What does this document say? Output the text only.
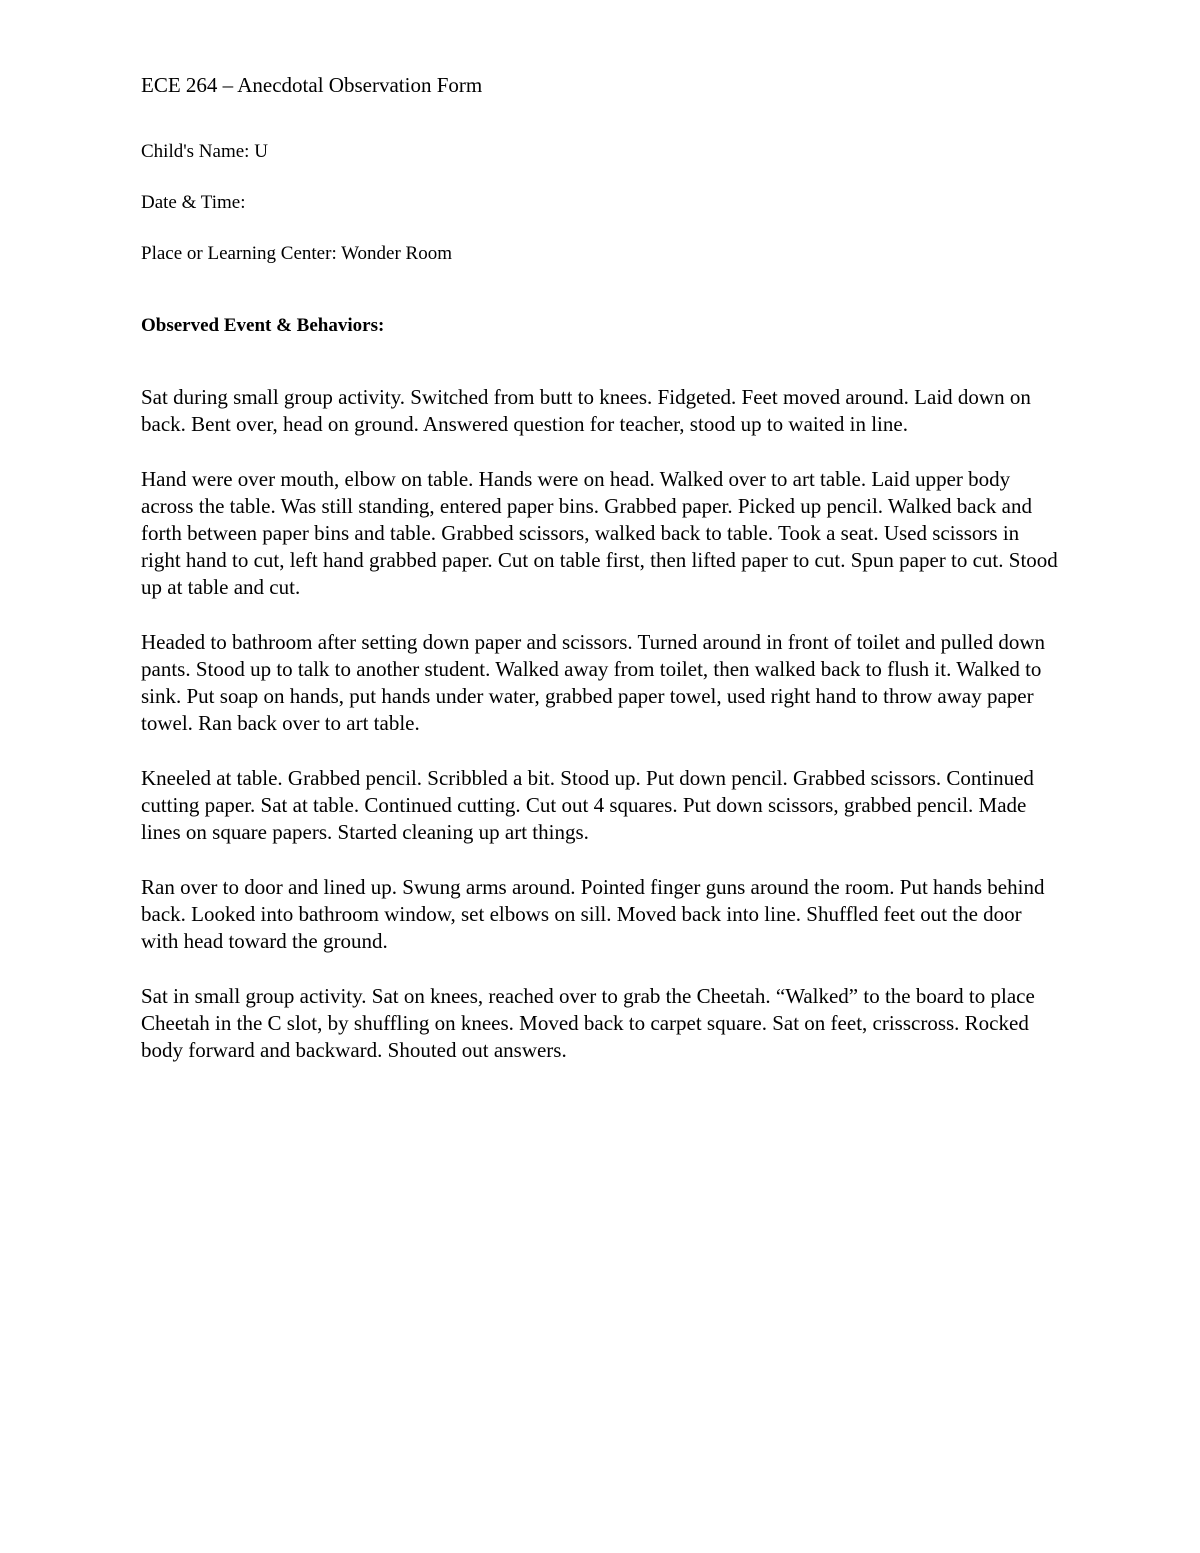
ECE 264 – Anecdotal Observation Form
Child's Name: U
Date & Time:
Place or Learning Center: Wonder Room
Observed Event & Behaviors:

Sat during small group activity. Switched from butt to knees. Fidgeted. Feet moved around. Laid down on back. Bent over, head on ground. Answered question for teacher, stood up to waited in line.

Hand were over mouth, elbow on table. Hands were on head. Walked over to art table. Laid upper body across the table. Was still standing, entered paper bins. Grabbed paper. Picked up pencil. Walked back and forth between paper bins and table. Grabbed scissors, walked back to table. Took a seat. Used scissors in right hand to cut, left hand grabbed paper. Cut on table first, then lifted paper to cut. Spun paper to cut. Stood up at table and cut.

Headed to bathroom after setting down paper and scissors. Turned around in front of toilet and pulled down pants. Stood up to talk to another student. Walked away from toilet, then walked back to flush it. Walked to sink. Put soap on hands, put hands under water, grabbed paper towel, used right hand to throw away paper towel. Ran back over to art table.

Kneeled at table. Grabbed pencil. Scribbled a bit. Stood up. Put down pencil. Grabbed scissors. Continued cutting paper. Sat at table. Continued cutting. Cut out 4 squares. Put down scissors, grabbed pencil. Made lines on square papers. Started cleaning up art things.

Ran over to door and lined up. Swung arms around. Pointed finger guns around the room. Put hands behind back. Looked into bathroom window, set elbows on sill. Moved back into line. Shuffled feet out the door with head toward the ground.

Sat in small group activity. Sat on knees, reached over to grab the Cheetah. “Walked” to the board to place Cheetah in the C slot, by shuffling on knees. Moved back to carpet square. Sat on feet, crisscross. Rocked body forward and backward. Shouted out answers.
